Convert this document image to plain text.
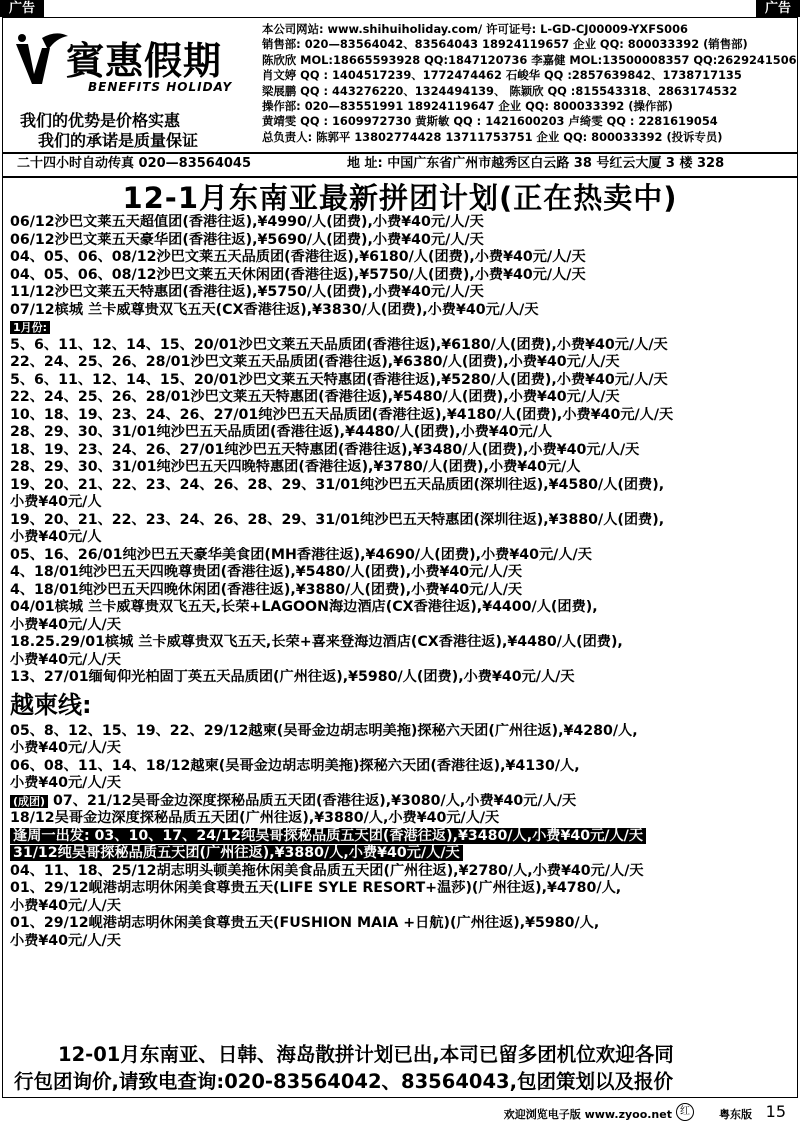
广告	广告
賓惠假期
BENEFITS HOLIDAY
我们的优势是价格实惠
我们的承诺是质量保证
本公司网站: www.shihuiholiday.com/ 许可证号: L-GD-CJ00009-YXFS006
销售部: 020—83564042、83564043 18924119657 企业 QQ: 800033392 (销售部)
陈欣欣 MOL:18665593928 QQ:1847120736 李嘉健 MOL:13500008357 QQ:2629241506
肖文婷 QQ : 1404517239、1772474462 石峻华 QQ :2857639842、1738717135
梁展鹏 QQ : 443276220、1324494139、 陈颖欣 QQ :815543318、2863174532
操作部: 020—83551991 18924119647 企业 QQ: 800033392 (操作部)
黄靖雯 QQ : 1609972730 黄斯敏 QQ : 1421600203 卢绮雯 QQ : 2281619054
总负责人: 陈郭平 13802774428 13711753751 企业 QQ: 800033392 (投诉专员)
二十四小时自动传真 020—83564045	地 址: 中国广东省广州市越秀区白云路 38 号红云大厦 3 楼 328
12-1月东南亚最新拼团计划(正在热卖中)
06/12沙巴文莱五天超值团(香港往返),¥4990/人(团费),小费¥40元/人/天
06/12沙巴文莱五天豪华团(香港往返),¥5690/人(团费),小费¥40元/人/天
04、05、06、08/12沙巴文莱五天品质团(香港往返),¥6180/人(团费),小费¥40元/人/天
04、05、06、08/12沙巴文莱五天休闲团(香港往返),¥5750/人(团费),小费¥40元/人/天
11/12沙巴文莱五天特惠团(香港往返),¥5750/人(团费),小费¥40元/人/天
07/12槟城 兰卡威尊贵双飞五天(CX香港往返),¥3830/人(团费),小费¥40元/人/天
1月份:
5、6、11、12、14、15、20/01沙巴文莱五天品质团(香港往返),¥6180/人(团费),小费¥40元/人/天
22、24、25、26、28/01沙巴文莱五天品质团(香港往返),¥6380/人(团费),小费¥40元/人/天
5、6、11、12、14、15、20/01沙巴文莱五天特惠团(香港往返),¥5280/人(团费),小费¥40元/人/天
22、24、25、26、28/01沙巴文莱五天特惠团(香港往返),¥5480/人(团费),小费¥40元/人/天
10、18、19、23、24、26、27/01纯沙巴五天品质团(香港往返),¥4180/人(团费),小费¥40元/人/天
28、29、30、31/01纯沙巴五天品质团(香港往返),¥4480/人(团费),小费¥40元/人
18、19、23、24、26、27/01纯沙巴五天特惠团(香港往返),¥3480/人(团费),小费¥40元/人/天
28、29、30、31/01纯沙巴五天四晚特惠团(香港往返),¥3780/人(团费),小费¥40元/人
19、20、21、22、23、24、26、28、29、31/01纯沙巴五天品质团(深圳往返),¥4580/人(团费),
小费¥40元/人
19、20、21、22、23、24、26、28、29、31/01纯沙巴五天特惠团(深圳往返),¥3880/人(团费),
小费¥40元/人
05、16、26/01纯沙巴五天豪华美食团(MH香港往返),¥4690/人(团费),小费¥40元/人/天
4、18/01纯沙巴五天四晚尊贵团(香港往返),¥5480/人(团费),小费¥40元/人/天
4、18/01纯沙巴五天四晚休闲团(香港往返),¥3880/人(团费),小费¥40元/人/天
04/01槟城 兰卡威尊贵双飞五天,长荣+LAGOON海边酒店(CX香港往返),¥4400/人(团费),
小费¥40元/人/天
18.25.29/01槟城 兰卡威尊贵双飞五天,长荣+喜来登海边酒店(CX香港往返),¥4480/人(团费),
小费¥40元/人/天
13、27/01缅甸仰光柏固丁英五天品质团(广州往返),¥5980/人(团费),小费¥40元/人/天
越柬线:
05、8、12、15、19、22、29/12越柬(吴哥金边胡志明美拖)探秘六天团(广州往返),¥4280/人,
小费¥40元/人/天
06、08、11、14、18/12越柬(吴哥金边胡志明美拖)探秘六天团(香港往返),¥4130/人,
小费¥40元/人/天
(成团) 07、21/12吴哥金边深度探秘品质五天团(香港往返),¥3080/人,小费¥40元/人/天
18/12吴哥金边深度探秘品质五天团(广州往返),¥3880/人,小费¥40元/人/天
逢周一出发: 03、10、17、24/12纯吴哥探秘品质五天团(香港往返),¥3480/人,小费¥40元/人/天
31/12纯吴哥探秘品质五天团(广州往返),¥3880/人,小费¥40元/人/天
04、11、18、25/12胡志明头顿美拖休闲美食品质五天团(广州往返),¥2780/人,小费¥40元/人/天
01、29/12岘港胡志明休闲美食尊贵五天(LIFE SYLE RESORT+温莎)(广州往返),¥4780/人,
小费¥40元/人/天
01、29/12岘港胡志明休闲美食尊贵五天(FUSHION MAIA +日航)(广州往返),¥5980/人,
小费¥40元/人/天
12-01月东南亚、日韩、海岛散拼计划已出,本司已留多团机位欢迎各同
行包团询价,请致电查询:020-83564042、83564043,包团策划以及报价
欢迎浏览电子版 www.zyoo.net 红	粤东版 15
